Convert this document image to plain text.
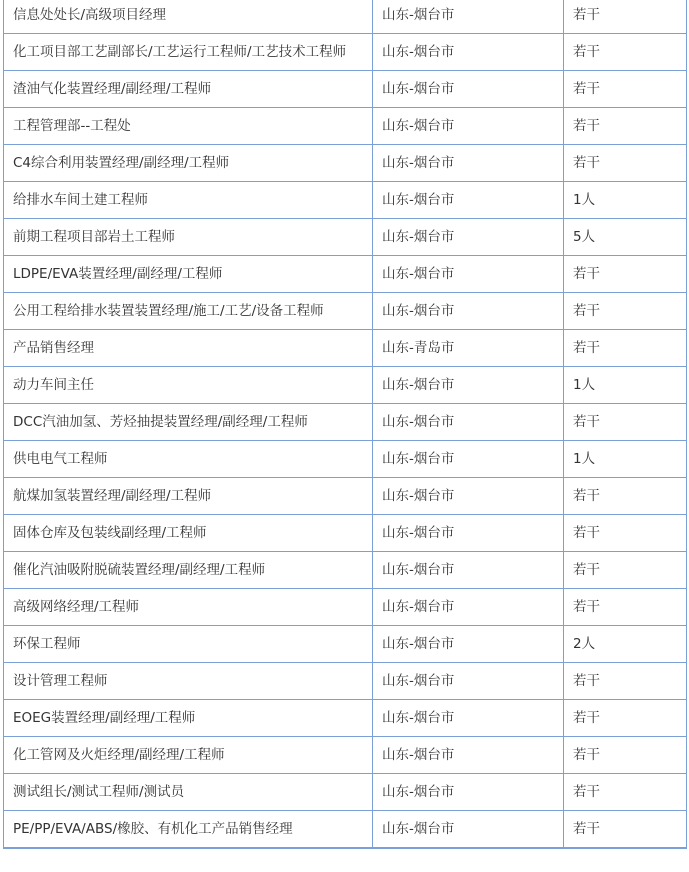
信息处处长/高级项目经理	山东-烟台市	若干
化工项目部工艺副部长/工艺运行工程师/工艺技术工程师	山东-烟台市	若干
渣油气化装置经理/副经理/工程师	山东-烟台市	若干
工程管理部--工程处	山东-烟台市	若干
C4综合利用装置经理/副经理/工程师	山东-烟台市	若干
给排水车间土建工程师	山东-烟台市	1人
前期工程项目部岩土工程师	山东-烟台市	5人
LDPE/EVA装置经理/副经理/工程师	山东-烟台市	若干
公用工程给排水装置装置经理/施工/工艺/设备工程师	山东-烟台市	若干
产品销售经理	山东-青岛市	若干
动力车间主任	山东-烟台市	1人
DCC汽油加氢、芳烃抽提装置经理/副经理/工程师	山东-烟台市	若干
供电电气工程师	山东-烟台市	1人
航煤加氢装置经理/副经理/工程师	山东-烟台市	若干
固体仓库及包装线副经理/工程师	山东-烟台市	若干
催化汽油吸附脱硫装置经理/副经理/工程师	山东-烟台市	若干
高级网络经理/工程师	山东-烟台市	若干
环保工程师	山东-烟台市	2人
设计管理工程师	山东-烟台市	若干
EOEG装置经理/副经理/工程师	山东-烟台市	若干
化工管网及火炬经理/副经理/工程师	山东-烟台市	若干
测试组长/测试工程师/测试员	山东-烟台市	若干
PE/PP/EVA/ABS/橡胶、有机化工产品销售经理	山东-烟台市	若干
